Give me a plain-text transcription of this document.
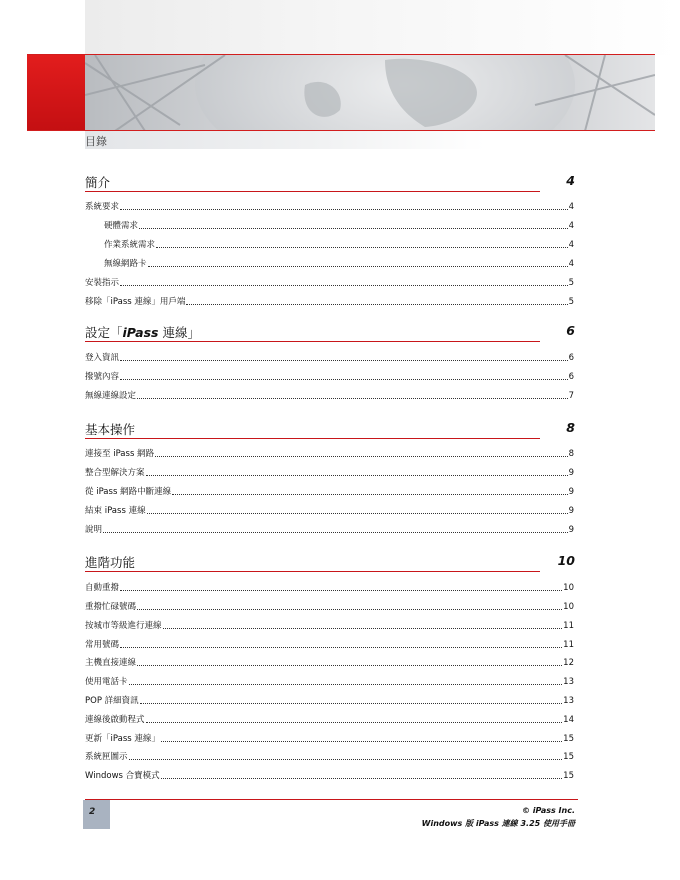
目錄
簡介	4
系統要求	4
硬體需求	4
作業系統需求	4
無線網路卡	4
安裝指示	5
移除「iPass 連線」用戶端	5
設定「iPass 連線」	6
登入資訊	6
撥號內容	6
無線連線設定	7
基本操作	8
連接至 iPass 網路	8
整合型解決方案	9
從 iPass 網路中斷連線	9
結束 iPass 連線	9
說明	9
進階功能	10
自動重撥	10
重撥忙碌號碼	10
按城市等級進行連線	11
常用號碼	11
主機直接連線	12
使用電話卡	13
POP 詳細資訊	13
連線後啟動程式	14
更新「iPass 連線」	15
系統匣圖示	15
Windows 合寶模式	15
2	© iPass Inc.
Windows 版 iPass 連線 3.25 使用手冊
